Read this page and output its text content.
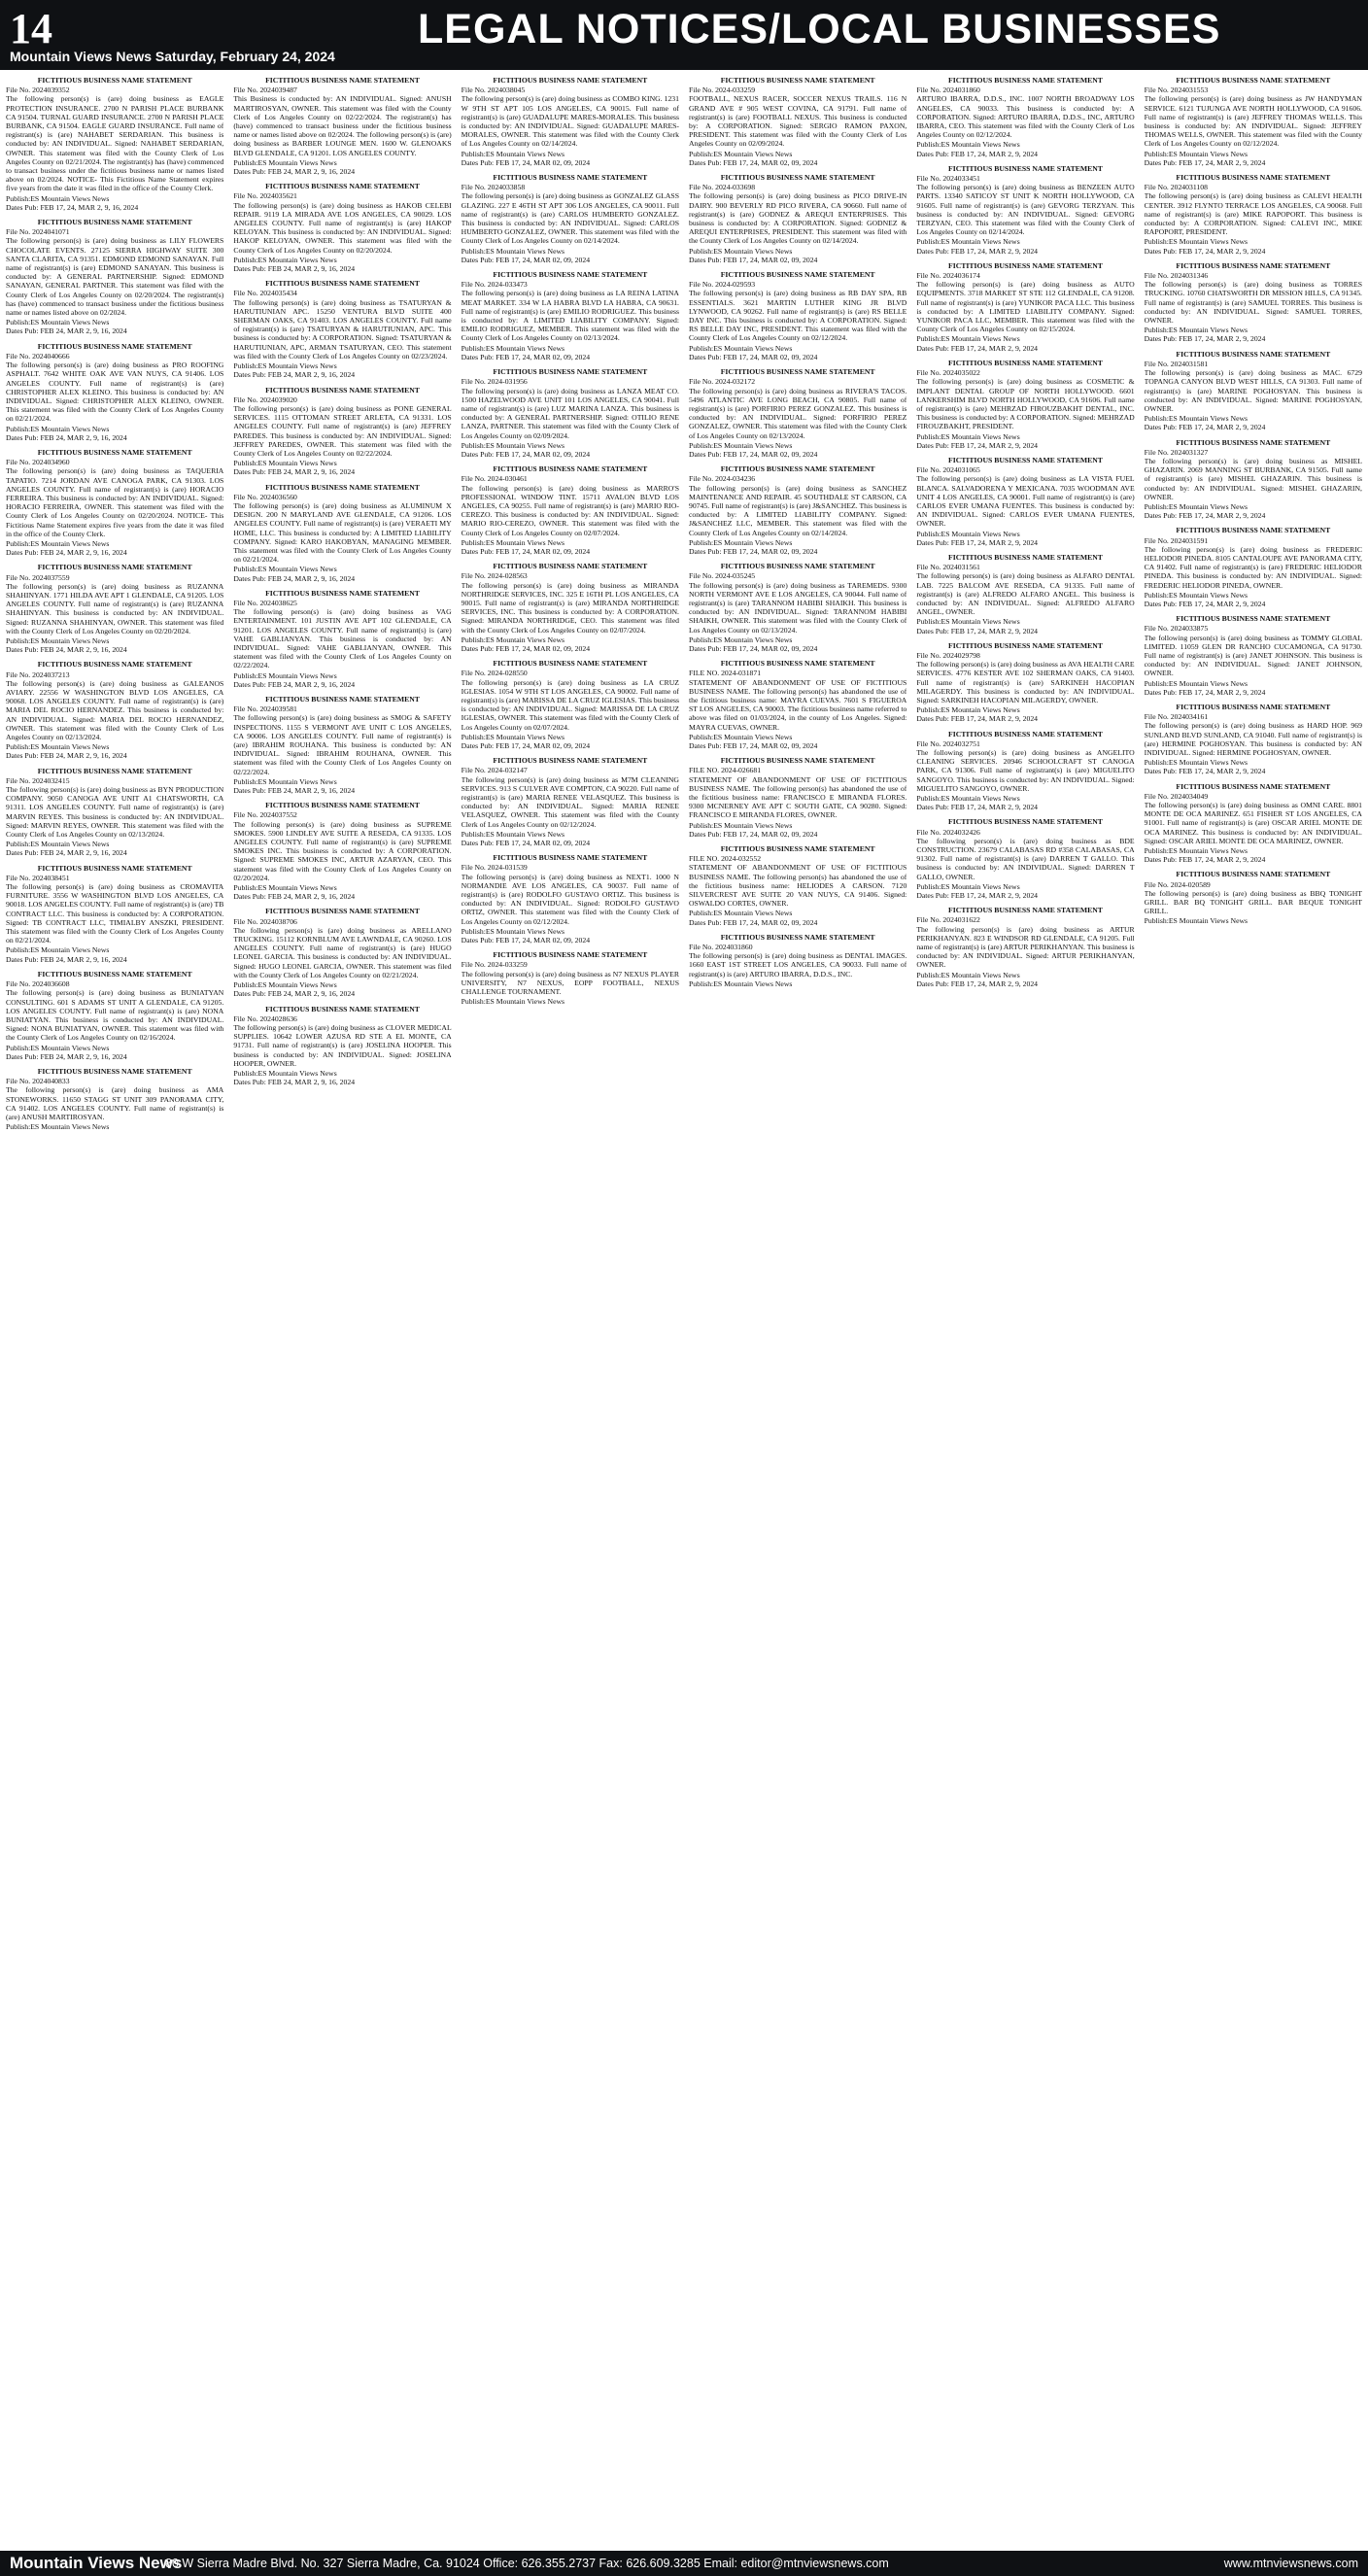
14	LEGAL NOTICES/LOCAL BUSINESSES
Mountain Views News Saturday, February 24, 2024
FICTITIOUS BUSINESS NAME STATEMENT
File No. 2024039352
The following person(s) is (are) doing business as EAGLE PROTECTION INSURANCE. 2700 N PARISH PLACE BURBANK CA 91504. TURNAL GUARD INSURANCE. 2700 N PARISH PLACE BURBANK, CA 91504. EAGLE GUARD INSURANCE. Full name of registrant(s) is (are) NAHABET SERDARIAN. This business is conducted by: AN INDIVIDUAL. Signed: NAHABET SERDARIAN, OWNER. This statement was filed with the County Clerk of Los Angeles County on 02/21/2024. The registrant(s) has (have) commenced to transact business under the fictitious business name or names listed above on 02/2024. NOTICE- This Fictitious Name Statement expires five years from the date it was filed in the office of the County Clerk.
Publish:ES Mountain Views News
Dates Pub: FEB 17, 24, MAR 2, 9, 16, 2024
FICTITIOUS BUSINESS NAME STATEMENT
File No. 2024041071
The following person(s) is (are) doing business as LILY FLOWERS CHOCOLATE EVENTS. 27125 SIERRA HIGHWAY SUITE 300 SANTA CLARITA, CA 91351. EDMOND EDMOND SANAYAN. Full name of registrant(s) is (are) EDMOND SANAYAN. This business is conducted by: A GENERAL PARTNERSHIP. Signed: EDMOND SANAYAN, GENERAL PARTNER. This statement was filed with the County Clerk of Los Angeles County on 02/20/2024. The registrant(s) has (have) commenced to transact business under the fictitious business name or names listed above on 02/2024.
Publish:ES Mountain Views News
Dates Pub: FEB 24, MAR 2, 9, 16, 2024
FICTITIOUS BUSINESS NAME STATEMENT
File No. 2024040666
The following person(s) is (are) doing business as PRO ROOFING ASPHALT. 7642 WHITE OAK AVE VAN NUYS, CA 91406. LOS ANGELES COUNTY. Full name of registrant(s) is (are) CHRISTOPHER ALEX KLEINO. This business is conducted by: AN INDIVIDUAL. Signed: CHRISTOPHER ALEX KLEINO, OWNER. This statement was filed with the County Clerk of Los Angeles County on 02/21/2024.
Publish:ES Mountain Views News
Dates Pub: FEB 24, MAR 2, 9, 16, 2024
FICTITIOUS BUSINESS NAME STATEMENT
File No. 2024034960
The following person(s) is (are) doing business as TAQUERIA TAPATIO. 7214 JORDAN AVE CANOGA PARK, CA 91303. LOS ANGELES COUNTY. Full name of registrant(s) is (are) HORACIO FERREIRA. This business is conducted by: AN INDIVIDUAL. Signed: HORACIO FERREIRA, OWNER. This statement was filed with the County Clerk of Los Angeles County on 02/20/2024. NOTICE- This Fictitious Name Statement expires five years from the date it was filed in the office of the County Clerk.
Publish:ES Mountain Views News
Dates Pub: FEB 24, MAR 2, 9, 16, 2024
FICTITIOUS BUSINESS NAME STATEMENT
File No. 2024037559
The following person(s) is (are) doing business as RUZANNA SHAHINYAN. 1771 HILDA AVE APT 1 GLENDALE, CA 91205. LOS ANGELES COUNTY. Full name of registrant(s) is (are) RUZANNA SHAHINYAN. This business is conducted by: AN INDIVIDUAL. Signed: RUZANNA SHAHINYAN, OWNER. This statement was filed with the County Clerk of Los Angeles County on 02/20/2024.
Publish:ES Mountain Views News
Dates Pub: FEB 24, MAR 2, 9, 16, 2024
FICTITIOUS BUSINESS NAME STATEMENT
File No. 2024037213
The following person(s) is (are) doing business as GALEANOS AVIARY. 22556 W WASHINGTON BLVD LOS ANGELES, CA 90068. LOS ANGELES COUNTY. Full name of registrant(s) is (are) MARIA DEL ROCIO HERNANDEZ. This business is conducted by: AN INDIVIDUAL. Signed: MARIA DEL ROCIO HERNANDEZ, OWNER. This statement was filed with the County Clerk of Los Angeles County on 02/13/2024.
Publish:ES Mountain Views News
Dates Pub: FEB 24, MAR 2, 9, 16, 2024
FICTITIOUS BUSINESS NAME STATEMENT
File No. 2024032415
The following person(s) is (are) doing business as BYN PRODUCTION COMPANY. 9050 CANOGA AVE UNIT A1 CHATSWORTH, CA 91311. LOS ANGELES COUNTY. Full name of registrant(s) is (are) MARVIN REYES. This business is conducted by: AN INDIVIDUAL. Signed: MARVIN REYES, OWNER. This statement was filed with the County Clerk of Los Angeles County on 02/13/2024.
Publish:ES Mountain Views News
Dates Pub: FEB 24, MAR 2, 9, 16, 2024
FICTITIOUS BUSINESS NAME STATEMENT
File No. 2024038451
The following person(s) is (are) doing business as CROMAVITA FURNITURE. 3556 W WASHINGTON BLVD LOS ANGELES, CA 90018. LOS ANGELES COUNTY. Full name of registrant(s) is (are) TB CONTRACT LLC. This business is conducted by: A CORPORATION. Signed: TB CONTRACT LLC, TIMIALBY ANSZKI, PRESIDENT. This statement was filed with the County Clerk of Los Angeles County on 02/21/2024.
Publish:ES Mountain Views News
Dates Pub: FEB 24, MAR 2, 9, 16, 2024
FICTITIOUS BUSINESS NAME STATEMENT
File No. 2024036608
The following person(s) is (are) doing business as BUNIATYAN CONSULTING. 601 S ADAMS ST UNIT A GLENDALE, CA 91205. LOS ANGELES COUNTY. Full name of registrant(s) is (are) NONA BUNIATYAN. This business is conducted by: AN INDIVIDUAL. Signed: NONA BUNIATYAN, OWNER. This statement was filed with the County Clerk of Los Angeles County on 02/16/2024.
Publish:ES Mountain Views News
Dates Pub: FEB 24, MAR 2, 9, 16, 2024
FICTITIOUS BUSINESS NAME STATEMENT
File No. 2024040833
The following person(s) is (are) doing business as AMA STONEWORKS. 11650 STAGG ST UNIT 309 PANORAMA CITY, CA 91402. LOS ANGELES COUNTY. Full name of registrant(s) is (are) ANUSH MARTIROSYAN.
Publish:ES Mountain Views News
FICTITIOUS BUSINESS NAME STATEMENT
File No. 2024039487
This Business is conducted by: AN INDIVIDUAL. Signed: ANUSH MARTIROSYAN, OWNER. This statement was filed with the County Clerk of Los Angeles County on 02/22/2024. The registrant(s) has (have) commenced to transact business under the fictitious business name or names listed above on 02/2024. The following person(s) is (are) doing business as BARBER LOUNGE MEN. 1600 W. GLENOAKS BLVD GLENDALE, CA 91201. LOS ANGELES COUNTY.
Publish:ES Mountain Views News
Dates Pub: FEB 24, MAR 2, 9, 16, 2024
FICTITIOUS BUSINESS NAME STATEMENT
File No. 2024035621
The following person(s) is (are) doing business as HAKOB CELEBI REPAIR. 9119 LA MIRADA AVE LOS ANGELES, CA 90029. LOS ANGELES COUNTY. Full name of registrant(s) is (are) HAKOP KELOYAN. This business is conducted by: AN INDIVIDUAL. Signed: HAKOP KELOYAN, OWNER. This statement was filed with the County Clerk of Los Angeles County on 02/20/2024.
Publish:ES Mountain Views News
Dates Pub: FEB 24, MAR 2, 9, 16, 2024
FICTITIOUS BUSINESS NAME STATEMENT
File No. 2024035434
The following person(s) is (are) doing business as TSATURYAN & HARUTIUNIAN APC. 15250 VENTURA BLVD SUITE 400 SHERMAN OAKS, CA 91403. LOS ANGELES COUNTY. Full name of registrant(s) is (are) TSATURYAN & HARUTIUNIAN, APC. This business is conducted by: A CORPORATION. Signed: TSATURYAN & HARUTIUNIAN, APC, ARMAN TSATURYAN, CEO. This statement was filed with the County Clerk of Los Angeles County on 02/23/2024.
Publish:ES Mountain Views News
Dates Pub: FEB 24, MAR 2, 9, 16, 2024
FICTITIOUS BUSINESS NAME STATEMENT
File No. 2024039020
The following person(s) is (are) doing business as PONE GENERAL SERVICES. 1115 OTTOMAN STREET ARLETA, CA 91331. LOS ANGELES COUNTY. Full name of registrant(s) is (are) JEFFREY PAREDES. This business is conducted by: AN INDIVIDUAL. Signed: JEFFREY PAREDES, OWNER. This statement was filed with the County Clerk of Los Angeles County on 02/22/2024.
Publish:ES Mountain Views News
Dates Pub: FEB 24, MAR 2, 9, 16, 2024
FICTITIOUS BUSINESS NAME STATEMENT
File No. 2024036560
The following person(s) is (are) doing business as ALUMINUM X DESIGN. 200 N MARYLAND AVE GLENDALE, CA 91206. LOS ANGELES COUNTY. Full name of registrant(s) is (are) VERAETI MY HOME, LLC. This business is conducted by: A LIMITED LIABILITY COMPANY. Signed: KARO HAKOBYAN, MANAGING MEMBER. This statement was filed with the County Clerk of Los Angeles County on 02/21/2024.
Publish:ES Mountain Views News
Dates Pub: FEB 24, MAR 2, 9, 16, 2024
FICTITIOUS BUSINESS NAME STATEMENT
File No. 2024038625
The following person(s) is (are) doing business as VAG ENTERTAINMENT. 101 JUSTIN AVE APT 102 GLENDALE, CA 91201. LOS ANGELES COUNTY. Full name of registrant(s) is (are) VAHE GABLIANYAN. This business is conducted by: AN INDIVIDUAL. Signed: VAHE GABLIANYAN, OWNER. This statement was filed with the County Clerk of Los Angeles County on 02/22/2024.
Publish:ES Mountain Views News
Dates Pub: FEB 24, MAR 2, 9, 16, 2024
FICTITIOUS BUSINESS NAME STATEMENT
File No. 2024039581
The following person(s) is (are) doing business as SMOG & SAFETY INSPECTIONS. 1155 S VERMONT AVE UNIT C LOS ANGELES, CA 90006. LOS ANGELES COUNTY. Full name of registrant(s) is (are) IBRAHIM ROUHANA. This business is conducted by: AN INDIVIDUAL. Signed: IBRAHIM ROUHANA, OWNER. This statement was filed with the County Clerk of Los Angeles County on 02/22/2024.
Publish:ES Mountain Views News
Dates Pub: FEB 24, MAR 2, 9, 16, 2024
FICTITIOUS BUSINESS NAME STATEMENT
File No. 2024037552
The following person(s) is (are) doing business as SUPREME SMOKES. 5900 LINDLEY AVE SUITE A RESEDA, CA 91335. LOS ANGELES COUNTY. Full name of registrant(s) is (are) SUPREME SMOKES INC. This business is conducted by: A CORPORATION. Signed: SUPREME SMOKES INC, ARTUR AZARYAN, CEO. This statement was filed with the County Clerk of Los Angeles County on 02/20/2024.
Publish:ES Mountain Views News
Dates Pub: FEB 24, MAR 2, 9, 16, 2024
FICTITIOUS BUSINESS NAME STATEMENT
File No. 2024038706
The following person(s) is (are) doing business as ARELLANO TRUCKING. 15112 KORNBLUM AVE LAWNDALE, CA 90260. LOS ANGELES COUNTY. Full name of registrant(s) is (are) HUGO LEONEL GARCIA. This business is conducted by: AN INDIVIDUAL. Signed: HUGO LEONEL GARCIA, OWNER. This statement was filed with the County Clerk of Los Angeles County on 02/21/2024.
Publish:ES Mountain Views News
Dates Pub: FEB 24, MAR 2, 9, 16, 2024
FICTITIOUS BUSINESS NAME STATEMENT
File No. 2024028636
The following person(s) is (are) doing business as CLOVER MEDICAL SUPPLIES. 10642 LOWER AZUSA RD STE A EL MONTE, CA 91731. Full name of registrant(s) is (are) JOSELINA HOOPER. This business is conducted by: AN INDIVIDUAL. Signed: JOSELINA HOOPER, OWNER.
Publish:ES Mountain Views News
Dates Pub: FEB 24, MAR 2, 9, 16, 2024
FICTITIOUS BUSINESS NAME STATEMENT
File No. 2024038045
The following person(s) is (are) doing business as COMBO KING. 1231 W 9TH ST APT 105 LOS ANGELES, CA 90015. Full name of registrant(s) is (are) GUADALUPE MARES-MORALES. This business is conducted by: AN INDIVIDUAL. Signed: GUADALUPE MARES-MORALES, OWNER. This statement was filed with the County Clerk of Los Angeles County on 02/14/2024.
Publish:ES Mountain Views News
Dates Pub: FEB 17, 24, MAR 02, 09, 2024
FICTITIOUS BUSINESS NAME STATEMENT
File No. 2024033858
The following person(s) is (are) doing business as GONZALEZ GLASS GLAZING. 227 E 46TH ST APT 306 LOS ANGELES, CA 90011. Full name of registrant(s) is (are) CARLOS HUMBERTO GONZALEZ. This business is conducted by: AN INDIVIDUAL. Signed: CARLOS HUMBERTO GONZALEZ, OWNER. This statement was filed with the County Clerk of Los Angeles County on 02/14/2024.
Publish:ES Mountain Views News
Dates Pub: FEB 17, 24, MAR 02, 09, 2024
FICTITIOUS BUSINESS NAME STATEMENT
File No. 2024-033473
The following person(s) is (are) doing business as LA REINA LATINA MEAT MARKET. 334 W LA HABRA BLVD LA HABRA, CA 90631. Full name of registrant(s) is (are) EMILIO RODRIGUEZ. This business is conducted by: A LIMITED LIABILITY COMPANY. Signed: EMILIO RODRIGUEZ, MEMBER. This statement was filed with the County Clerk of Los Angeles County on 02/13/2024.
Publish:ES Mountain Views News
Dates Pub: FEB 17, 24, MAR 02, 09, 2024
FICTITIOUS BUSINESS NAME STATEMENT
File No. 2024-031956
The following person(s) is (are) doing business as LANZA MEAT CO. 1500 HAZELWOOD AVE UNIT 101 LOS ANGELES, CA 90041. Full name of registrant(s) is (are) LUZ MARINA LANZA. This business is conducted by: A GENERAL PARTNERSHIP. Signed: OTILIO RENE LANZA, PARTNER. This statement was filed with the County Clerk of Los Angeles County on 02/09/2024.
Publish:ES Mountain Views News
Dates Pub: FEB 17, 24, MAR 02, 09, 2024
FICTITIOUS BUSINESS NAME STATEMENT
File No. 2024-030461
The following person(s) is (are) doing business as MARRO'S PROFESSIONAL WINDOW TINT. 15711 AVALON BLVD LOS ANGELES, CA 90255. Full name of registrant(s) is (are) MARIO RIO-CEREZO. This business is conducted by: AN INDIVIDUAL. Signed: MARIO RIO-CEREZO, OWNER. This statement was filed with the County Clerk of Los Angeles County on 02/07/2024.
Publish:ES Mountain Views News
Dates Pub: FEB 17, 24, MAR 02, 09, 2024
FICTITIOUS BUSINESS NAME STATEMENT
File No. 2024-028563
The following person(s) is (are) doing business as MIRANDA NORTHRIDGE SERVICES, INC. 325 E 16TH PL LOS ANGELES, CA 90015. Full name of registrant(s) is (are) MIRANDA NORTHRIDGE SERVICES, INC. This business is conducted by: A CORPORATION. Signed: MIRANDA NORTHRIDGE, CEO. This statement was filed with the County Clerk of Los Angeles County on 02/07/2024.
Publish:ES Mountain Views News
Dates Pub: FEB 17, 24, MAR 02, 09, 2024
FICTITIOUS BUSINESS NAME STATEMENT
File No. 2024-028550
The following person(s) is (are) doing business as LA CRUZ IGLESIAS. 1054 W 9TH ST LOS ANGELES, CA 90002. Full name of registrant(s) is (are) MARISSA DE LA CRUZ IGLESIAS. This business is conducted by: AN INDIVIDUAL. Signed: MARISSA DE LA CRUZ IGLESIAS, OWNER. This statement was filed with the County Clerk of Los Angeles County on 02/07/2024.
Publish:ES Mountain Views News
Dates Pub: FEB 17, 24, MAR 02, 09, 2024
FICTITIOUS BUSINESS NAME STATEMENT
File No. 2024-032147
The following person(s) is (are) doing business as M7M CLEANING SERVICES. 913 S CULVER AVE COMPTON, CA 90220. Full name of registrant(s) is (are) MARIA RENEE VELASQUEZ. This business is conducted by: AN INDIVIDUAL. Signed: MARIA RENEE VELASQUEZ, OWNER. This statement was filed with the County Clerk of Los Angeles County on 02/12/2024.
Publish:ES Mountain Views News
Dates Pub: FEB 17, 24, MAR 02, 09, 2024
FICTITIOUS BUSINESS NAME STATEMENT
File No. 2024-031539
The following person(s) is (are) doing business as NEXT1. 1000 N NORMANDIE AVE LOS ANGELES, CA 90037. Full name of registrant(s) is (are) RODOLFO GUSTAVO ORTIZ. This business is conducted by: AN INDIVIDUAL. Signed: RODOLFO GUSTAVO ORTIZ, OWNER. This statement was filed with the County Clerk of Los Angeles County on 02/12/2024.
Publish:ES Mountain Views News
Dates Pub: FEB 17, 24, MAR 02, 09, 2024
FICTITIOUS BUSINESS NAME STATEMENT
File No. 2024-033259
The following person(s) is (are) doing business as N7 NEXUS PLAYER UNIVERSITY, N7 NEXUS, EOPP FOOTBALL, NEXUS CHALLENGE TOURNAMENT.
Publish:ES Mountain Views News
FICTITIOUS BUSINESS NAME STATEMENT
File No. 2024-033259
FOOTBALL, NEXUS RACER, SOCCER NEXUS TRAILS. 116 N GRAND AVE # 905 WEST COVINA, CA 91791. Full name of registrant(s) is (are) FOOTBALL NEXUS. This business is conducted by: A CORPORATION. Signed: SERGIO RAMON PAXON, PRESIDENT. This statement was filed with the County Clerk of Los Angeles County on 02/09/2024.
Publish:ES Mountain Views News
Dates Pub: FEB 17, 24, MAR 02, 09, 2024
FICTITIOUS BUSINESS NAME STATEMENT
File No. 2024-033698
The following person(s) is (are) doing business as PICO DRIVE-IN DAIRY. 900 BEVERLY RD PICO RIVERA, CA 90660. Full name of registrant(s) is (are) GODNEZ & AREQUI ENTERPRISES. This business is conducted by: A CORPORATION. Signed: GODNEZ & AREQUI ENTERPRISES, PRESIDENT. This statement was filed with the County Clerk of Los Angeles County on 02/14/2024.
Publish:ES Mountain Views News
Dates Pub: FEB 17, 24, MAR 02, 09, 2024
FICTITIOUS BUSINESS NAME STATEMENT
File No. 2024-029593
The following person(s) is (are) doing business as RB DAY SPA, RB ESSENTIALS. 3621 MARTIN LUTHER KING JR BLVD LYNWOOD, CA 90262. Full name of registrant(s) is (are) RS BELLE DAY INC. This business is conducted by: A CORPORATION. Signed: RS BELLE DAY INC, PRESIDENT. This statement was filed with the County Clerk of Los Angeles County on 02/12/2024.
Publish:ES Mountain Views News
Dates Pub: FEB 17, 24, MAR 02, 09, 2024
FICTITIOUS BUSINESS NAME STATEMENT
File No. 2024-032172
The following person(s) is (are) doing business as RIVERA'S TACOS. 5496 ATLANTIC AVE LONG BEACH, CA 90805. Full name of registrant(s) is (are) PORFIRIO PEREZ GONZALEZ. This business is conducted by: AN INDIVIDUAL. Signed: PORFIRIO PEREZ GONZALEZ, OWNER. This statement was filed with the County Clerk of Los Angeles County on 02/13/2024.
Publish:ES Mountain Views News
Dates Pub: FEB 17, 24, MAR 02, 09, 2024
FICTITIOUS BUSINESS NAME STATEMENT
File No. 2024-034236
The following person(s) is (are) doing business as SANCHEZ MAINTENANCE AND REPAIR. 45 SOUTHDALE ST CARSON, CA 90745. Full name of registrant(s) is (are) J&SANCHEZ. This business is conducted by: A LIMITED LIABILITY COMPANY. Signed: J&SANCHEZ LLC, MEMBER. This statement was filed with the County Clerk of Los Angeles County on 02/14/2024.
Publish:ES Mountain Views News
Dates Pub: FEB 17, 24, MAR 02, 09, 2024
FICTITIOUS BUSINESS NAME STATEMENT
File No. 2024-035245
The following person(s) is (are) doing business as TAREMEDS. 9300 NORTH VERMONT AVE E LOS ANGELES, CA 90044. Full name of registrant(s) is (are) TARANNOM HABIBI SHAIKH. This business is conducted by: AN INDIVIDUAL. Signed: TARANNOM HABIBI SHAIKH, OWNER. This statement was filed with the County Clerk of Los Angeles County on 02/13/2024.
Publish:ES Mountain Views News
Dates Pub: FEB 17, 24, MAR 02, 09, 2024
FICTITIOUS BUSINESS NAME STATEMENT
FILE NO. 2024-031871
STATEMENT OF ABANDONMENT OF USE OF FICTITIOUS BUSINESS NAME. The following person(s) has abandoned the use of the fictitious business name: MAYRA CUEVAS. 7601 S FIGUEROA ST LOS ANGELES, CA 90003. The fictitious business name referred to above was filed on 01/03/2024, in the county of Los Angeles. Signed: MAYRA CUEVAS, OWNER.
Publish:ES Mountain Views News
Dates Pub: FEB 17, 24, MAR 02, 09, 2024
FICTITIOUS BUSINESS NAME STATEMENT
FILE NO. 2024-026681
STATEMENT OF ABANDONMENT OF USE OF FICTITIOUS BUSINESS NAME. The following person(s) has abandoned the use of the fictitious business name: FRANCISCO E MIRANDA FLORES. 9300 MCNERNEY AVE APT C SOUTH GATE, CA 90280. Signed: FRANCISCO E MIRANDA FLORES, OWNER.
Publish:ES Mountain Views News
Dates Pub: FEB 17, 24, MAR 02, 09, 2024
FICTITIOUS BUSINESS NAME STATEMENT
FILE NO. 2024-032552
STATEMENT OF ABANDONMENT OF USE OF FICTITIOUS BUSINESS NAME. The following person(s) has abandoned the use of the fictitious business name: HELIODES A CARSON. 7120 SILVERCREST AVE SUITE 20 VAN NUYS, CA 91406. Signed: OSWALDO CORTES, OWNER.
Publish:ES Mountain Views News
Dates Pub: FEB 17, 24, MAR 02, 09, 2024
FICTITIOUS BUSINESS NAME STATEMENT
File No. 2024031860
The following person(s) is (are) doing business as DENTAL IMAGES. 1660 EAST 1ST STREET LOS ANGELES, CA 90033. Full name of registrant(s) is (are) ARTURO IBARRA, D.D.S., INC.
Publish:ES Mountain Views News
FICTITIOUS BUSINESS NAME STATEMENT
File No. 2024031860
ARTURO IBARRA, D.D.S., INC. 1007 NORTH BROADWAY LOS ANGELES, CA 90033. This business is conducted by: A CORPORATION. Signed: ARTURO IBARRA, D.D.S., INC, ARTURO IBARRA, CEO. This statement was filed with the County Clerk of Los Angeles County on 02/12/2024.
Publish:ES Mountain Views News
Dates Pub: FEB 17, 24, MAR 2, 9, 2024
FICTITIOUS BUSINESS NAME STATEMENT
File No. 2024033451
The following person(s) is (are) doing business as BENZEEN AUTO PARTS. 13340 SATICOY ST UNIT K NORTH HOLLYWOOD, CA 91605. Full name of registrant(s) is (are) GEVORG TERZYAN. This business is conducted by: AN INDIVIDUAL. Signed: GEVORG TERZYAN, CEO. This statement was filed with the County Clerk of Los Angeles County on 02/14/2024.
Publish:ES Mountain Views News
Dates Pub: FEB 17, 24, MAR 2, 9, 2024
FICTITIOUS BUSINESS NAME STATEMENT
File No. 2024036174
The following person(s) is (are) doing business as AUTO EQUIPMENTS. 3718 MARKET ST STE 112 GLENDALE, CA 91208. Full name of registrant(s) is (are) YUNIKOR PACA LLC. This business is conducted by: A LIMITED LIABILITY COMPANY. Signed: YUNIKOR PACA LLC, MEMBER. This statement was filed with the County Clerk of Los Angeles County on 02/15/2024.
Publish:ES Mountain Views News
Dates Pub: FEB 17, 24, MAR 2, 9, 2024
FICTITIOUS BUSINESS NAME STATEMENT
File No. 2024035022
The following person(s) is (are) doing business as COSMETIC & IMPLANT DENTAL GROUP OF NORTH HOLLYWOOD. 6601 LANKERSHIM BLVD NORTH HOLLYWOOD, CA 91606. Full name of registrant(s) is (are) MEHRZAD FIROUZBAKHT DENTAL, INC. This business is conducted by: A CORPORATION. Signed: MEHRZAD FIROUZBAKHT, PRESIDENT.
Publish:ES Mountain Views News
Dates Pub: FEB 17, 24, MAR 2, 9, 2024
FICTITIOUS BUSINESS NAME STATEMENT
File No. 2024031065
The following person(s) is (are) doing business as LA VISTA FUEL BLANCA. SALVADORENA Y MEXICANA. 7035 WOODMAN AVE UNIT 4 LOS ANGELES, CA 90001. Full name of registrant(s) is (are) CARLOS EVER UMANA FUENTES. This business is conducted by: AN INDIVIDUAL. Signed: CARLOS EVER UMANA FUENTES, OWNER.
Publish:ES Mountain Views News
Dates Pub: FEB 17, 24, MAR 2, 9, 2024
FICTITIOUS BUSINESS NAME STATEMENT
File No. 2024031561
The following person(s) is (are) doing business as ALFARO DENTAL LAB. 7225 BALCOM AVE RESEDA, CA 91335. Full name of registrant(s) is (are) ALFREDO ALFARO ANGEL. This business is conducted by: AN INDIVIDUAL. Signed: ALFREDO ALFARO ANGEL, OWNER.
Publish:ES Mountain Views News
Dates Pub: FEB 17, 24, MAR 2, 9, 2024
FICTITIOUS BUSINESS NAME STATEMENT
File No. 2024029798
The following person(s) is (are) doing business as AVA HEALTH CARE SERVICES. 4776 KESTER AVE 102 SHERMAN OAKS, CA 91403. Full name of registrant(s) is (are) SARKINEH HACOPIAN MILAGERDY. This business is conducted by: AN INDIVIDUAL. Signed: SARKINEH HACOPIAN MILAGERDY, OWNER.
Publish:ES Mountain Views News
Dates Pub: FEB 17, 24, MAR 2, 9, 2024
FICTITIOUS BUSINESS NAME STATEMENT
File No. 2024032751
The following person(s) is (are) doing business as ANGELITO CLEANING SERVICES. 20946 SCHOOLCRAFT ST CANOGA PARK, CA 91306. Full name of registrant(s) is (are) MIGUELITO SANGOYO. This business is conducted by: AN INDIVIDUAL. Signed: MIGUELITO SANGOYO, OWNER.
Publish:ES Mountain Views News
Dates Pub: FEB 17, 24, MAR 2, 9, 2024
FICTITIOUS BUSINESS NAME STATEMENT
File No. 2024032426
The following person(s) is (are) doing business as BDE CONSTRUCTION. 23679 CALABASAS RD #358 CALABASAS, CA 91302. Full name of registrant(s) is (are) DARREN T GALLO. This business is conducted by: AN INDIVIDUAL. Signed: DARREN T GALLO, OWNER.
Publish:ES Mountain Views News
Dates Pub: FEB 17, 24, MAR 2, 9, 2024
FICTITIOUS BUSINESS NAME STATEMENT
File No. 2024031622
The following person(s) is (are) doing business as ARTUR PERIKHANYAN. 823 E WINDSOR RD GLENDALE, CA 91205. Full name of registrant(s) is (are) ARTUR PERIKHANYAN. This business is conducted by: AN INDIVIDUAL. Signed: ARTUR PERIKHANYAN, OWNER.
Publish:ES Mountain Views News
Dates Pub: FEB 17, 24, MAR 2, 9, 2024
FICTITIOUS BUSINESS NAME STATEMENT
File No. 2024031553
The following person(s) is (are) doing business as JW HANDYMAN SERVICE. 6121 TUJUNGA AVE NORTH HOLLYWOOD, CA 91606. Full name of registrant(s) is (are) JEFFREY THOMAS WELLS. This business is conducted by: AN INDIVIDUAL. Signed: JEFFREY THOMAS WELLS, OWNER. This statement was filed with the County Clerk of Los Angeles County on 02/12/2024.
Publish:ES Mountain Views News
Dates Pub: FEB 17, 24, MAR 2, 9, 2024
FICTITIOUS BUSINESS NAME STATEMENT
File No. 2024031108
The following person(s) is (are) doing business as CALEVI HEALTH CENTER. 3912 FLYNTO TERRACE LOS ANGELES, CA 90068. Full name of registrant(s) is (are) MIKE RAPOPORT. This business is conducted by: A CORPORATION. Signed: CALEVI INC, MIKE RAPOPORT, PRESIDENT.
Publish:ES Mountain Views News
Dates Pub: FEB 17, 24, MAR 2, 9, 2024
FICTITIOUS BUSINESS NAME STATEMENT
File No. 2024031346
The following person(s) is (are) doing business as TORRES TRUCKING. 10760 CHATSWORTH DR MISSION HILLS, CA 91345. Full name of registrant(s) is (are) SAMUEL TORRES. This business is conducted by: AN INDIVIDUAL. Signed: SAMUEL TORRES, OWNER.
Publish:ES Mountain Views News
Dates Pub: FEB 17, 24, MAR 2, 9, 2024
FICTITIOUS BUSINESS NAME STATEMENT
File No. 2024031581
The following person(s) is (are) doing business as MAC. 6729 TOPANGA CANYON BLVD WEST HILLS, CA 91303. Full name of registrant(s) is (are) MARINE POGHOSYAN. This business is conducted by: AN INDIVIDUAL. Signed: MARINE POGHOSYAN, OWNER.
Publish:ES Mountain Views News
Dates Pub: FEB 17, 24, MAR 2, 9, 2024
FICTITIOUS BUSINESS NAME STATEMENT
File No. 2024031327
The following person(s) is (are) doing business as MISHEL GHAZARIN. 2069 MANNING ST BURBANK, CA 91505. Full name of registrant(s) is (are) MISHEL GHAZARIN. This business is conducted by: AN INDIVIDUAL. Signed: MISHEL GHAZARIN, OWNER.
Publish:ES Mountain Views News
Dates Pub: FEB 17, 24, MAR 2, 9, 2024
FICTITIOUS BUSINESS NAME STATEMENT
File No. 2024031591
The following person(s) is (are) doing business as FREDERIC HELIODOR PINEDA. 8105 CANTALOUPE AVE PANORAMA CITY, CA 91402. Full name of registrant(s) is (are) FREDERIC HELIODOR PINEDA. This business is conducted by: AN INDIVIDUAL. Signed: FREDERIC HELIODOR PINEDA, OWNER.
Publish:ES Mountain Views News
Dates Pub: FEB 17, 24, MAR 2, 9, 2024
FICTITIOUS BUSINESS NAME STATEMENT
File No. 2024033875
The following person(s) is (are) doing business as TOMMY GLOBAL LIMITED. 11059 GLEN DR RANCHO CUCAMONGA, CA 91730. Full name of registrant(s) is (are) JANET JOHNSON. This business is conducted by: AN INDIVIDUAL. Signed: JANET JOHNSON, OWNER.
Publish:ES Mountain Views News
Dates Pub: FEB 17, 24, MAR 2, 9, 2024
FICTITIOUS BUSINESS NAME STATEMENT
File No. 2024034161
The following person(s) is (are) doing business as HARD HOP. 969 SUNLAND BLVD SUNLAND, CA 91040. Full name of registrant(s) is (are) HERMINE POGHOSYAN. This business is conducted by: AN INDIVIDUAL. Signed: HERMINE POGHOSYAN, OWNER.
Publish:ES Mountain Views News
Dates Pub: FEB 17, 24, MAR 2, 9, 2024
FICTITIOUS BUSINESS NAME STATEMENT
File No. 2024034049
The following person(s) is (are) doing business as OMNI CARE. 8801 MONTE DE OCA MARINEZ. 651 FISHER ST LOS ANGELES, CA 91001. Full name of registrant(s) is (are) OSCAR ARIEL MONTE DE OCA MARINEZ. This business is conducted by: AN INDIVIDUAL. Signed: OSCAR ARIEL MONTE DE OCA MARINEZ, OWNER.
Publish:ES Mountain Views News
Dates Pub: FEB 17, 24, MAR 2, 9, 2024
FICTITIOUS BUSINESS NAME STATEMENT
File No. 2024-020589
The following person(s) is (are) doing business as BBQ TONIGHT GRILL. BAR BQ TONIGHT GRILL. BAR BEQUE TONIGHT GRILL.
Publish:ES Mountain Views News
Mountain Views News
80 W Sierra Madre Blvd. No. 327 Sierra Madre, Ca. 91024 Office: 626.355.2737 Fax: 626.609.3285 Email: editor@mtnviewsnews.com	www.mtnviewsnews.com
